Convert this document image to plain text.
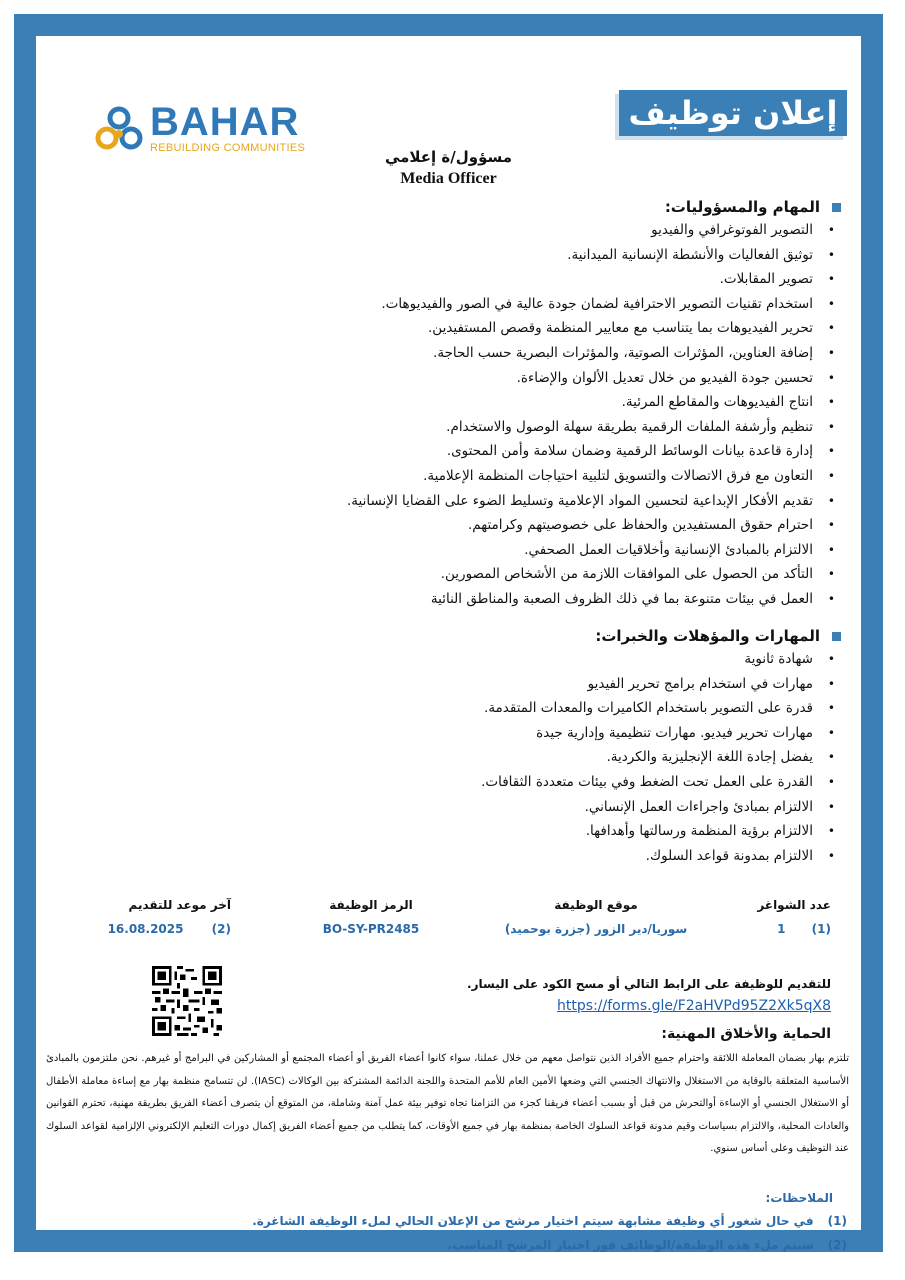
BAHAR
REBUILDING COMMUNITIES
إعلان توظيف
مسؤول/ة إعلامي
Media Officer
المهام والمسؤوليات:
• التصوير الفوتوغرافي والفيديو
• توثيق الفعاليات والأنشطة الإنسانية الميدانية.
• تصوير المقابلات.
• استخدام تقنيات التصوير الاحترافية لضمان جودة عالية في الصور والفيديوهات.
• تحرير الفيديوهات بما يتناسب مع معايير المنظمة وقصص المستفيدين.
• إضافة العناوين، المؤثرات الصوتية، والمؤثرات البصرية حسب الحاجة.
• تحسين جودة الفيديو من خلال تعديل الألوان والإضاءة.
• انتاج الفيديوهات والمقاطع المرئية.
• تنظيم وأرشفة الملفات الرقمية بطريقة سهلة الوصول والاستخدام.
• إدارة قاعدة بيانات الوسائط الرقمية وضمان سلامة وأمن المحتوى.
• التعاون مع فرق الاتصالات والتسويق لتلبية احتياجات المنظمة الإعلامية.
• تقديم الأفكار الإبداعية لتحسين المواد الإعلامية وتسليط الضوء على القضايا الإنسانية.
• احترام حقوق المستفيدين والحفاظ على خصوصيتهم وكرامتهم.
• الالتزام بالمبادئ الإنسانية وأخلاقيات العمل الصحفي.
• التأكد من الحصول على الموافقات اللازمة من الأشخاص المصورين.
• العمل في بيئات متنوعة بما في ذلك الظروف الصعبة والمناطق النائية
المهارات والمؤهلات والخبرات:
• شهادة ثانوية
• مهارات في استخدام برامج تحرير الفيديو
• قدرة على التصوير باستخدام الكاميرات والمعدات المتقدمة.
• مهارات تحرير فيديو. مهارات تنظيمية وإدارية جيدة
• يفضل إجادة اللغة الإنجليزية والكردية.
• القدرة على العمل تحت الضغط وفي بيئات متعددة الثقافات.
• الالتزام بمبادئ واجراءات العمل الإنساني.
• الالتزام برؤية المنظمة ورسالتها وأهدافها.
• الالتزام بمدونة قواعد السلوك.
عدد الشواغر
(1) 1
موقع الوظيفة
سوريا/دير الزور (جزرة بوحميد)
الرمز الوظيفة
BO-SY-PR2485
آخر موعد للتقديم
(2) 16.08.2025
للتقديم للوظيفة على الرابط التالي أو مسح الكود على اليسار.
https://forms.gle/F2aHVPd95Z2Xk5qX8
الحماية والأخلاق المهنية:
تلتزم بهار بضمان المعاملة اللائقة واحترام جميع الأفراد الذين نتواصل معهم من خلال عملنا، سواء كانوا أعضاء الفريق أو أعضاء المجتمع أو المشاركين في البرامج أو غيرهم. نحن ملتزمون بالمبادئ الأساسية المتعلقة بالوقاية من الاستغلال والانتهاك الجنسي التي وضعها الأمين العام للأمم المتحدة واللجنة الدائمة المشتركة بين الوكالات (IASC). لن تتسامح منظمة بهار مع إساءة معاملة الأطفال أو الاستغلال الجنسي أو الإساءة أوالتحرش من قبل أو بسبب أعضاء فريقنا كجزء من التزامنا تجاه توفير بيئة عمل آمنة وشاملة، من المتوقع أن يتصرف أعضاء الفريق بطريقة مهنية، تحترم القوانين والعادات المحلية، والالتزام بسياسات وقيم مدونة قواعد السلوك الخاصة بمنظمة بهار في جميع الأوقات، كما يتطلب من جميع أعضاء الفريق إكمال دورات التعليم الإلكتروني الإلزامية لقواعد السلوك عند التوظيف وعلى أساس سنوي.
الملاحظات:
(1)في حال شغور أي وظيفة مشابهة سيتم اختيار مرشح من الإعلان الحالي لملء الوظيفة الشاغرة.
(2)سيتم ملء هذه الوظيفة/الوظائف فور اختيار المرشح المناسب.
